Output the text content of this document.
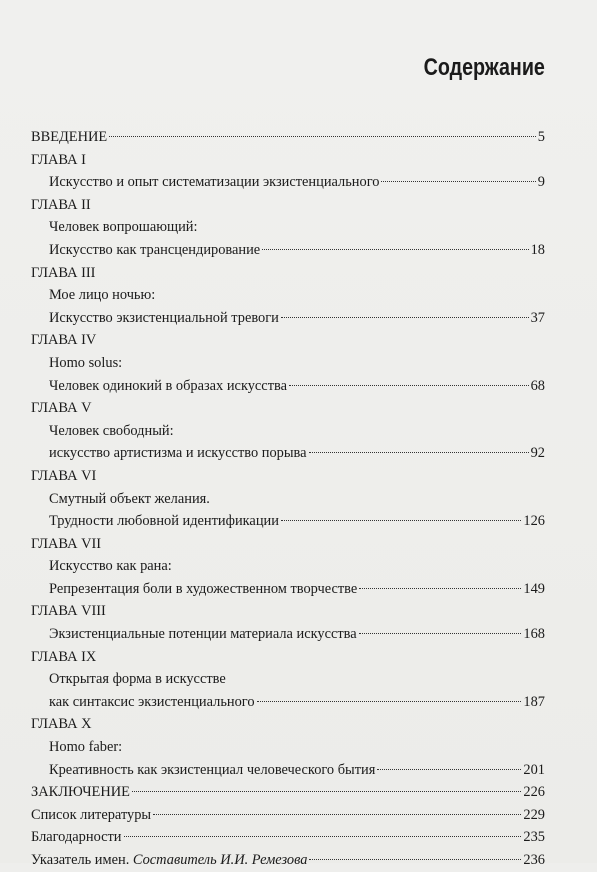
Содержание
ВВЕДЕНИЕ	5
ГЛАВА I
Искусство и опыт систематизации экзистенциального	9
ГЛАВА II
Человек вопрошающий:
Искусство как трансцендирование	18
ГЛАВА III
Мое лицо ночью:
Искусство экзистенциальной тревоги	37
ГЛАВА IV
Homo solus:
Человек одинокий в образах искусства	68
ГЛАВА V
Человек свободный:
искусство артистизма и искусство порыва	92
ГЛАВА VI
Смутный объект желания.
Трудности любовной идентификации	126
ГЛАВА VII
Искусство как рана:
Репрезентация боли в художественном творчестве	149
ГЛАВА VIII
Экзистенциальные потенции материала искусства	168
ГЛАВА IX
Открытая форма в искусстве
как синтаксис экзистенциального	187
ГЛАВА X
Homo faber:
Креативность как экзистенциал человеческого бытия	201
ЗАКЛЮЧЕНИЕ	226
Список литературы	229
Благодарности	235
Указатель имен. Составитель И.И. Ремезова	236
